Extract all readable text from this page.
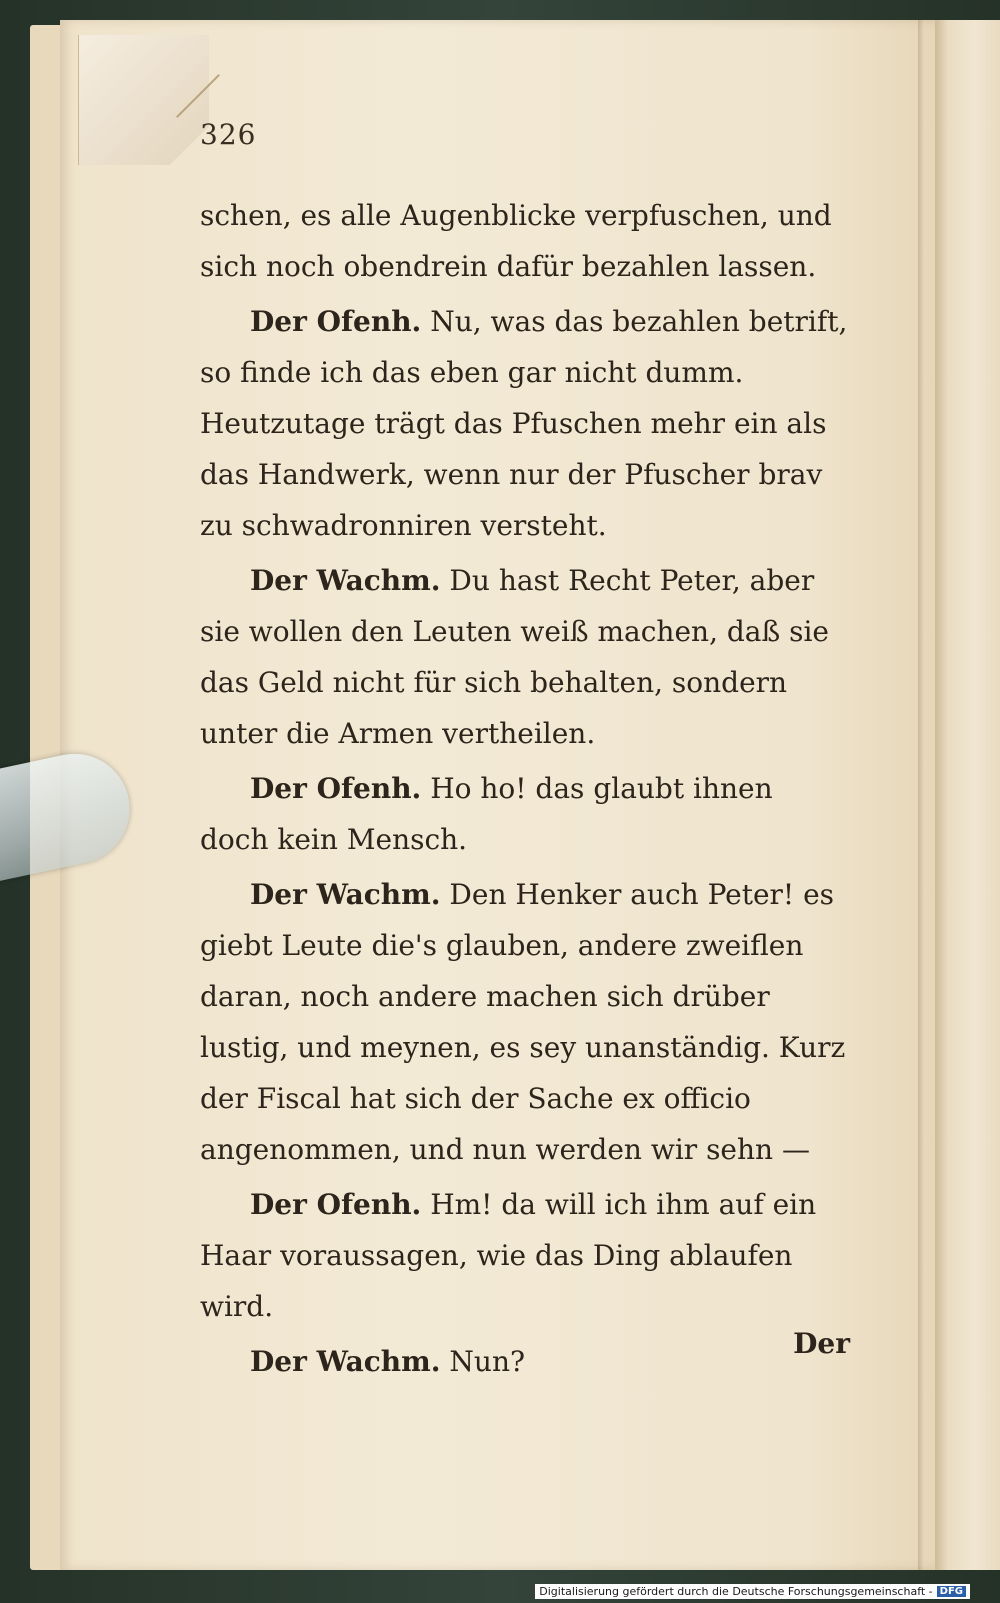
326

schen, es alle Augenblicke verpfuschen, und sich noch obendrein dafür bezahlen lassen.

Der Ofenh. Nu, was das bezahlen betrift, so finde ich das eben gar nicht dumm. Heutzutage trägt das Pfuschen mehr ein als das Handwerk, wenn nur der Pfuscher brav zu schwadronniren versteht.

Der Wachm. Du hast Recht Peter, aber sie wollen den Leuten weiß machen, daß sie das Geld nicht für sich behalten, sondern unter die Armen vertheilen.

Der Ofenh. Ho ho! das glaubt ihnen doch kein Mensch.

Der Wachm. Den Henker auch Peter! es giebt Leute die's glauben, andere zweiflen daran, noch andere machen sich drüber lustig, und meynen, es sey unanständig. Kurz der Fiscal hat sich der Sache ex officio angenommen, und nun werden wir sehn —

Der Ofenh. Hm! da will ich ihm auf ein Haar voraussagen, wie das Ding ablaufen wird.

Der Wachm. Nun?

Der
Digitalisierung gefördert durch die Deutsche Forschungsgemeinschaft - DFG
